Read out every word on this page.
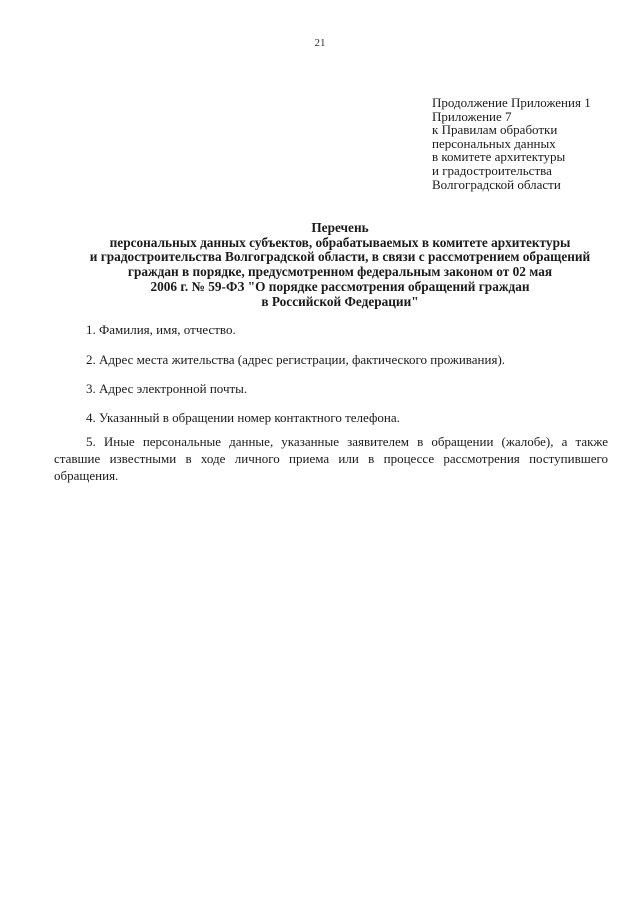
21
Продолжение Приложения 1
Приложение 7
к Правилам обработки
персональных данных
в комитете архитектуры
и градостроительства
Волгоградской области
Перечень
персональных данных субъектов, обрабатываемых в комитете архитектуры
и градостроительства Волгоградской области, в связи с рассмотрением обращений
граждан в порядке, предусмотренном федеральным законом от 02 мая
2006 г. № 59-ФЗ "О порядке рассмотрения обращений граждан
в Российской Федерации"
1. Фамилия, имя, отчество.
2. Адрес места жительства (адрес регистрации, фактического проживания).
3. Адрес электронной почты.
4. Указанный в обращении номер контактного телефона.
5. Иные персональные данные, указанные заявителем в обращении (жалобе), а также
ставшие известными в ходе личного приема или в процессе рассмотрения поступившего
обращения.
